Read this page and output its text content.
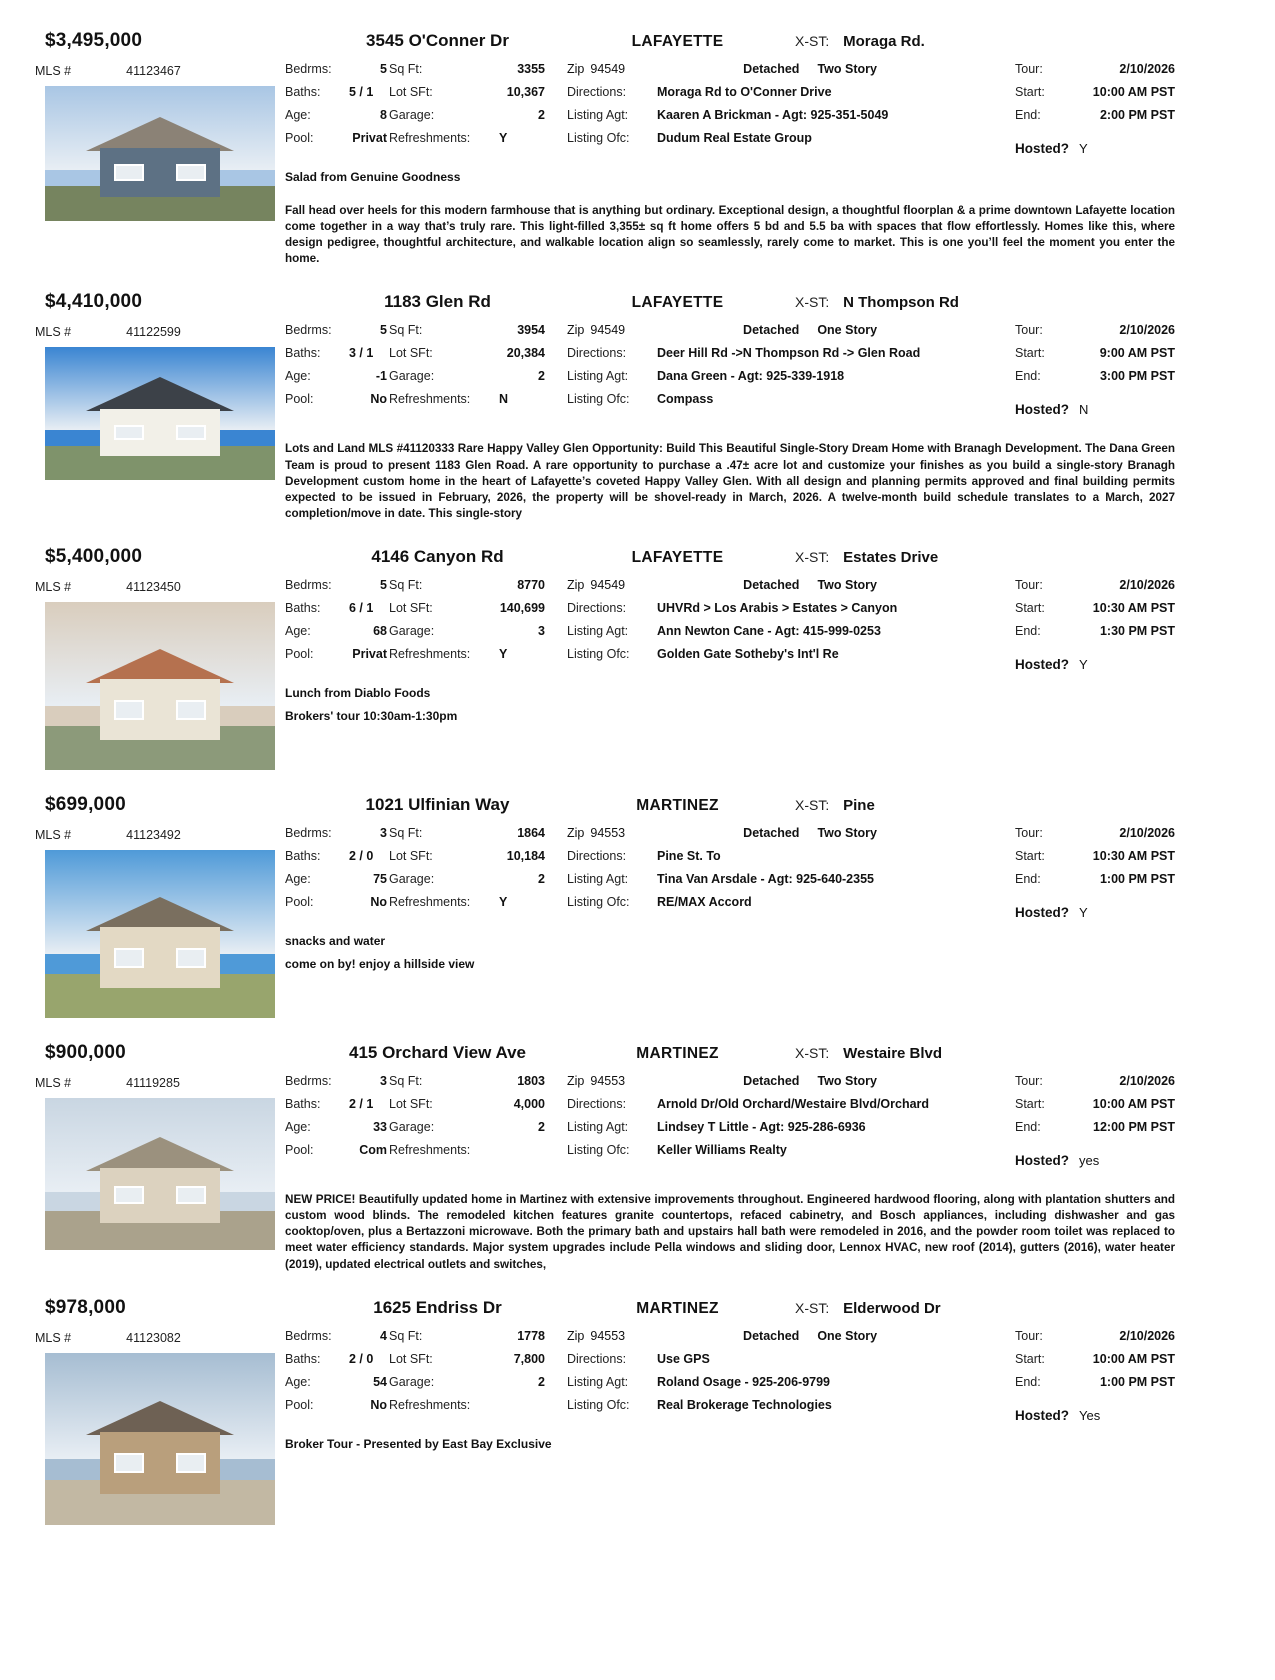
$3,495,000	3545 O'Conner Dr	LAFAYETTE	X-ST: Moraga Rd.
MLS #	41123467	Bedrms:	5 Sq Ft:	3355
Baths:	5 / 1	Lot SFt:	10,367
Age:	8 Garage:	2
Pool:	Privat Refreshments:	Y
Zip 94549	Detached Two Story
Directions:	Moraga Rd to O'Conner Drive
Listing Agt:	Kaaren A Brickman - Agt: 925-351-5049
Listing Ofc:	Dudum Real Estate Group
Tour:	2/10/2026
Start:	10:00 AM PST
End:	2:00 PM PST
Hosted? Y
Salad from Genuine Goodness
Fall head over heels for this modern farmhouse that is anything but ordinary. Exceptional design, a thoughtful floorplan & a prime downtown Lafayette location come together in a way that’s truly rare. This light-filled 3,355± sq ft home offers 5 bd and 5.5 ba with spaces that flow effortlessly. Homes like this, where design pedigree, thoughtful architecture, and walkable location align so seamlessly, rarely come to market. This is one you’ll feel the moment you enter the home.
$4,410,000	1183 Glen Rd	LAFAYETTE	X-ST: N Thompson Rd
MLS #	41122599	Bedrms:	5 Sq Ft:	3954
Baths:	3 / 1	Lot SFt:	20,384
Age:	-1 Garage:	2
Pool:	No Refreshments:	N
Zip 94549	Detached One Story
Directions:	Deer Hill Rd ->N Thompson Rd -> Glen Road
Listing Agt:	Dana Green - Agt: 925-339-1918
Listing Ofc:	Compass
Tour:	2/10/2026
Start:	9:00 AM PST
End:	3:00 PM PST
Hosted? N
Lots and Land MLS #41120333 Rare Happy Valley Glen Opportunity: Build This Beautiful Single-Story Dream Home with Branagh Development. The Dana Green Team is proud to present 1183 Glen Road. A rare opportunity to purchase a .47± acre lot and customize your finishes as you build a single-story Branagh Development custom home in the heart of Lafayette’s coveted Happy Valley Glen. With all design and planning permits approved and final building permits expected to be issued in February, 2026, the property will be shovel-ready in March, 2026. A twelve-month build schedule translates to a March, 2027 completion/move in date. This single-story
$5,400,000	4146 Canyon Rd	LAFAYETTE	X-ST: Estates Drive
MLS #	41123450	Bedrms:	5 Sq Ft:	8770
Baths:	6 / 1	Lot SFt:	140,699
Age:	68 Garage:	3
Pool:	Privat Refreshments:	Y
Zip 94549	Detached Two Story
Directions:	UHVRd > Los Arabis > Estates > Canyon
Listing Agt:	Ann Newton Cane - Agt: 415-999-0253
Listing Ofc:	Golden Gate Sotheby's Int'l Re
Tour:	2/10/2026
Start:	10:30 AM PST
End:	1:30 PM PST
Hosted? Y
Lunch from Diablo Foods
Brokers' tour 10:30am-1:30pm
$699,000	1021 Ulfinian Way	MARTINEZ	X-ST: Pine
MLS #	41123492	Bedrms:	3 Sq Ft:	1864
Baths:	2 / 0	Lot SFt:	10,184
Age:	75 Garage:	2
Pool:	No Refreshments:	Y
Zip 94553	Detached Two Story
Directions:	Pine St. To
Listing Agt:	Tina Van Arsdale - Agt: 925-640-2355
Listing Ofc:	RE/MAX Accord
Tour:	2/10/2026
Start:	10:30 AM PST
End:	1:00 PM PST
Hosted? Y
snacks and water
come on by! enjoy a hillside view
$900,000	415 Orchard View Ave	MARTINEZ	X-ST: Westaire Blvd
MLS #	41119285	Bedrms:	3 Sq Ft:	1803
Baths:	2 / 1	Lot SFt:	4,000
Age:	33 Garage:	2
Pool:	Com Refreshments:
Zip 94553	Detached Two Story
Directions:	Arnold Dr/Old Orchard/Westaire Blvd/Orchard
Listing Agt:	Lindsey T Little - Agt: 925-286-6936
Listing Ofc:	Keller Williams Realty
Tour:	2/10/2026
Start:	10:00 AM PST
End:	12:00 PM PST
Hosted? yes
NEW PRICE! Beautifully updated home in Martinez with extensive improvements throughout. Engineered hardwood flooring, along with plantation shutters and custom wood blinds. The remodeled kitchen features granite countertops, refaced cabinetry, and Bosch appliances, including dishwasher and gas cooktop/oven, plus a Bertazzoni microwave. Both the primary bath and upstairs hall bath were remodeled in 2016, and the powder room toilet was replaced to meet water efficiency standards. Major system upgrades include Pella windows and sliding door, Lennox HVAC, new roof (2014), gutters (2016), water heater (2019), updated electrical outlets and switches,
$978,000	1625 Endriss Dr	MARTINEZ	X-ST: Elderwood Dr
MLS #	41123082	Bedrms:	4 Sq Ft:	1778
Baths:	2 / 0	Lot SFt:	7,800
Age:	54 Garage:	2
Pool:	No Refreshments:
Zip 94553	Detached One Story
Directions:	Use GPS
Listing Agt:	Roland Osage - 925-206-9799
Listing Ofc:	Real Brokerage Technologies
Tour:	2/10/2026
Start:	10:00 AM PST
End:	1:00 PM PST
Hosted? Yes
Broker Tour - Presented by East Bay Exclusive
